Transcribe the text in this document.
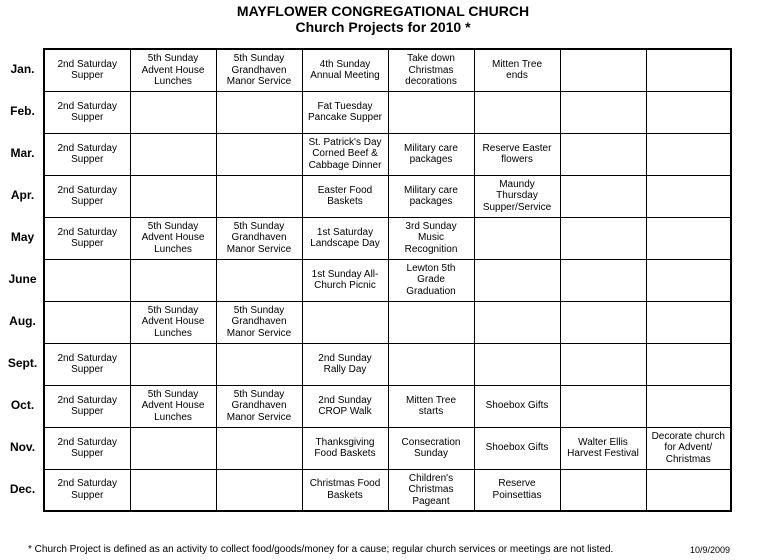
MAYFLOWER CONGREGATIONAL CHURCH
Church Projects for 2010 *
Jan.	2nd Saturday
Supper	5th Sunday
Advent House
Lunches	5th Sunday
Grandhaven
Manor Service	4th Sunday
Annual Meeting	Take down
Christmas
decorations	Mitten Tree
ends		
Feb.	2nd Saturday
Supper			Fat Tuesday
Pancake Supper				
Mar.	2nd Saturday
Supper			St. Patrick's Day
Corned Beef &
Cabbage Dinner	Military care
packages	Reserve Easter
flowers		
Apr.	2nd Saturday
Supper			Easter Food
Baskets	Military care
packages	Maundy
Thursday
Supper/Service		
May	2nd Saturday
Supper	5th Sunday
Advent House
Lunches	5th Sunday
Grandhaven
Manor Service	1st Saturday
Landscape Day	3rd Sunday
Music
Recognition			
June				1st Sunday All-
Church Picnic	Lewton 5th
Grade
Graduation			
Aug.		5th Sunday
Advent House
Lunches	5th Sunday
Grandhaven
Manor Service					
Sept.	2nd Saturday
Supper			2nd Sunday
Rally Day				
Oct.	2nd Saturday
Supper	5th Sunday
Advent House
Lunches	5th Sunday
Grandhaven
Manor Service	2nd Sunday
CROP Walk	Mitten Tree
starts	Shoebox Gifts		
Nov.	2nd Saturday
Supper			Thanksgiving
Food Baskets	Consecration
Sunday	Shoebox Gifts	Walter Ellis
Harvest Festival	Decorate church
for Advent/
Christmas
Dec.	2nd Saturday
Supper			Christmas Food
Baskets	Children's
Christmas
Pageant	Reserve
Poinsettias		
* Church Project is defined as an activity to collect food/goods/money for a cause; regular church services or meetings are not listed.	10/9/2009
